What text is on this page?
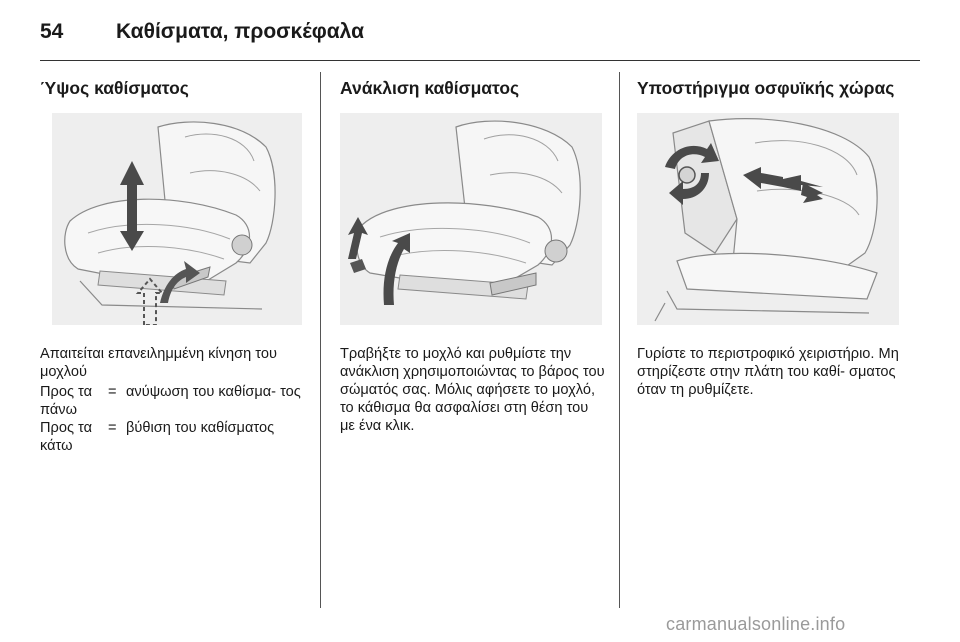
54	Καθίσματα, προσκέφαλα
Ύψος καθίσματος
Απαιτείται επανειλημμένη κίνηση του μοχλού
Προς τα πάνω
= ανύψωση του καθίσμα- τος
Προς τα κάτω
= βύθιση του καθίσματος
Ανάκλιση καθίσματος
Τραβήξτε το μοχλό και ρυθμίστε την ανάκλιση χρησιμοποιώντας το βάρος του σώματός σας. Μόλις αφήσετε το μοχλό, το κάθισμα θα ασφαλίσει στη θέση του με ένα κλικ.
Υποστήριγμα οσφυϊκής χώρας
Γυρίστε το περιστροφικό χειριστήριο. Μη στηρίζεστε στην πλάτη του καθί- σματος όταν τη ρυθμίζετε.
carmanualsonline.info
